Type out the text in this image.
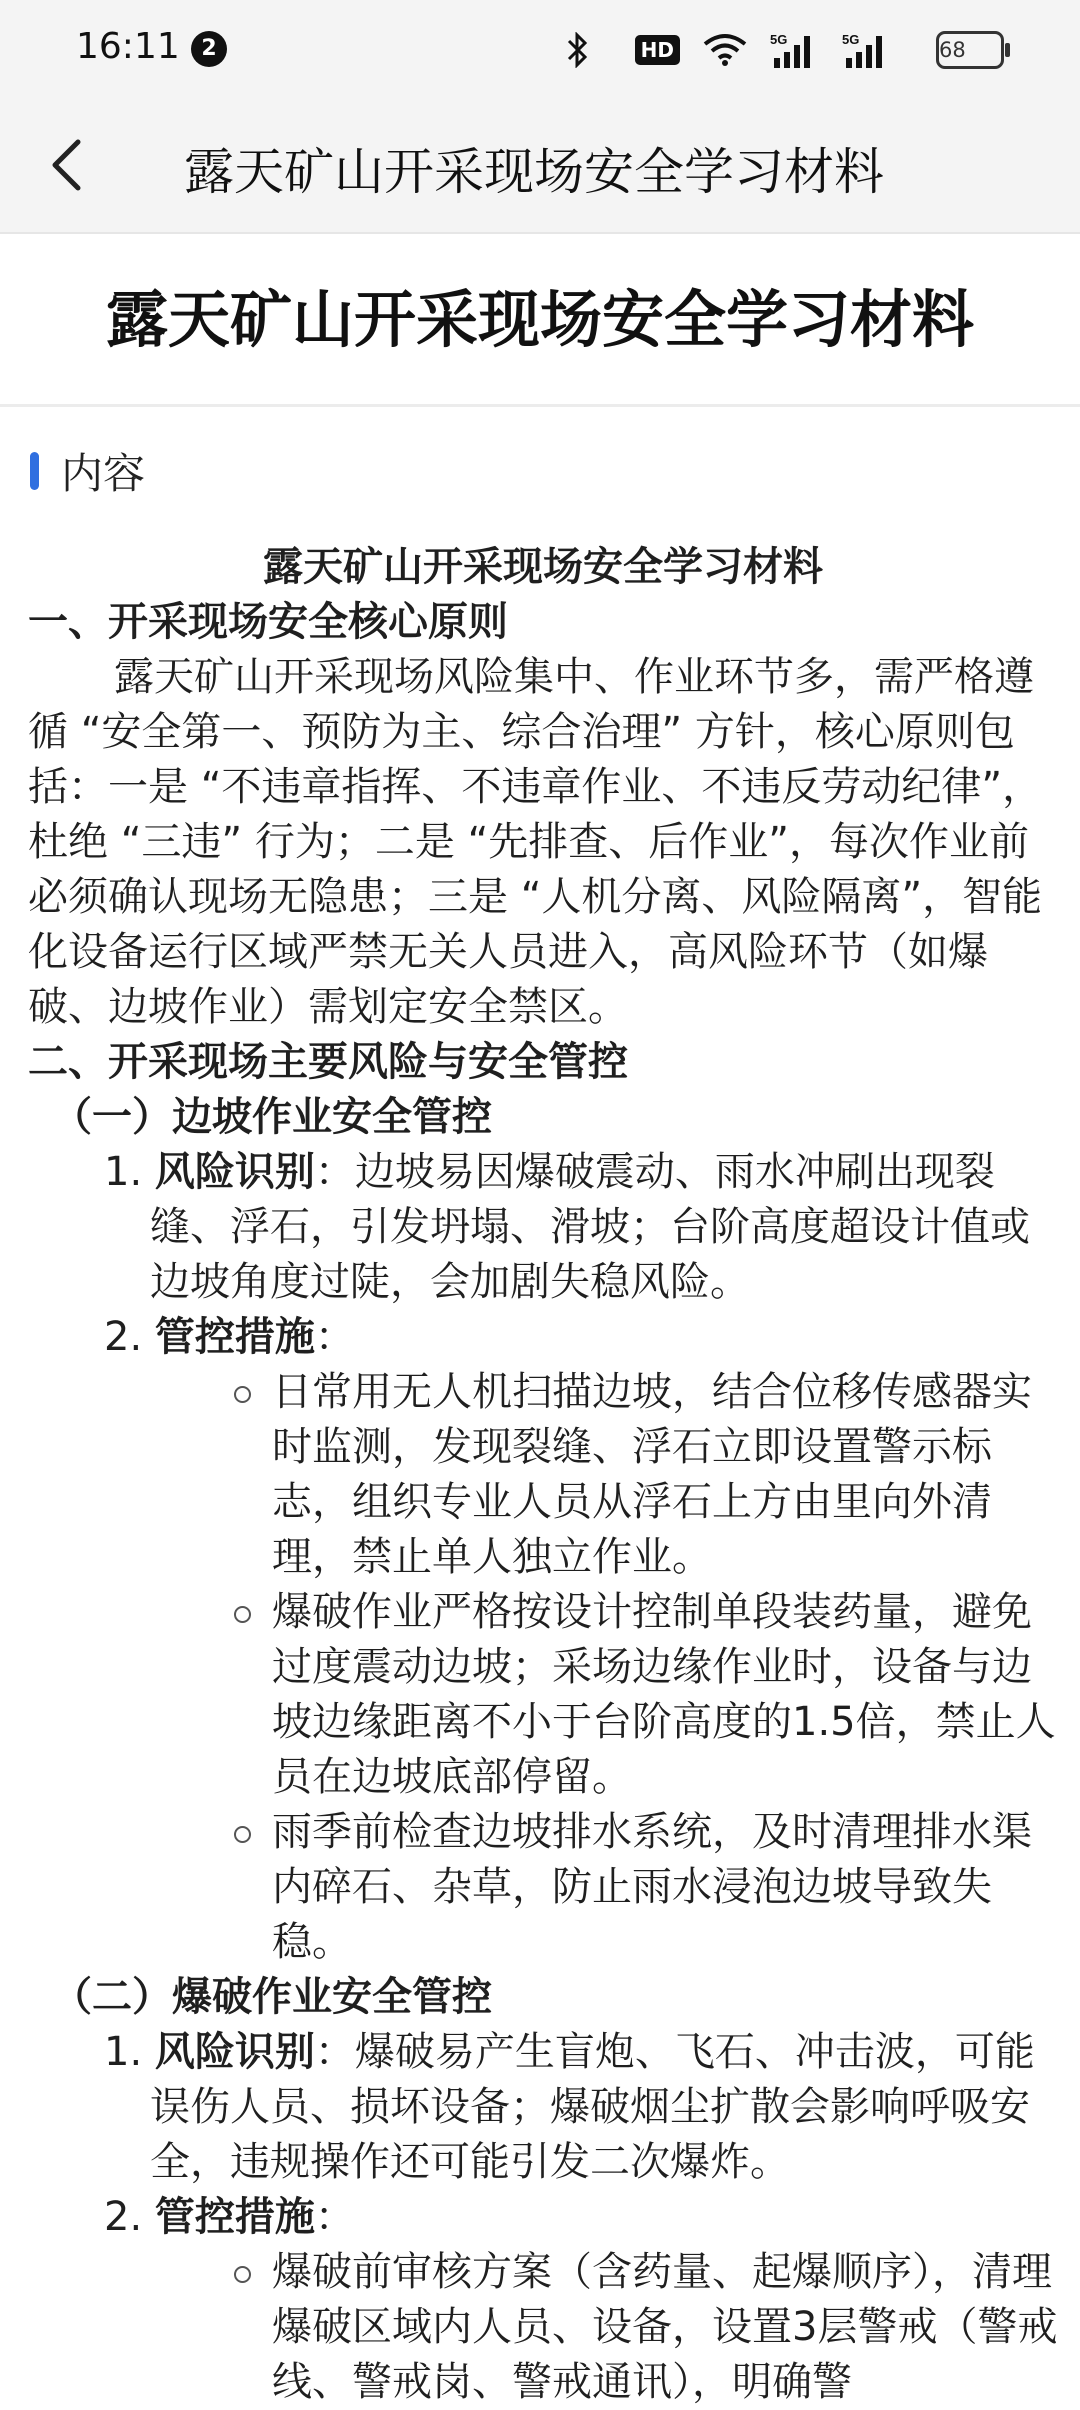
16:11 2	HD	5G	5G	68
露天矿山开采现场安全学习材料
露天矿山开采现场安全学习材料
内容

露天矿山开采现场安全学习材料

一、开采现场安全核心原则

露天矿山开采现场风险集中、作业环节多，需严格遵循 “安全第一、预防为主、综合治理” 方针，核心原则包括：一是 “不违章指挥、不违章作业、不违反劳动纪律”，杜绝 “三违” 行为；二是 “先排查、后作业”，每次作业前必须确认现场无隐患；三是 “人机分离、风险隔离”，智能化设备运行区域严禁无关人员进入，高风险环节（如爆破、边坡作业）需划定安全禁区。

二、开采现场主要风险与安全管控

（一）边坡作业安全管控

1. 风险识别：边坡易因爆破震动、雨水冲刷出现裂缝、浮石，引发坍塌、滑坡；台阶高度超设计值或边坡角度过陡，会加剧失稳风险。

2. 管控措施：

日常用无人机扫描边坡，结合位移传感器实时监测，发现裂缝、浮石立即设置警示标志，组织专业人员从浮石上方由里向外清理，禁止单人独立作业。

爆破作业严格按设计控制单段装药量，避免过度震动边坡；采场边缘作业时，设备与边坡边缘距离不小于台阶高度的1.5倍，禁止人员在边坡底部停留。

雨季前检查边坡排水系统，及时清理排水渠内碎石、杂草，防止雨水浸泡边坡导致失稳。

（二）爆破作业安全管控

1. 风险识别：爆破易产生盲炮、飞石、冲击波，可能误伤人员、损坏设备；爆破烟尘扩散会影响呼吸安全，违规操作还可能引发二次爆炸。

2. 管控措施：

爆破前审核方案（含药量、起爆顺序），清理爆破区域内人员、设备，设置3层警戒（警戒线、警戒岗、警戒通讯），明确警
